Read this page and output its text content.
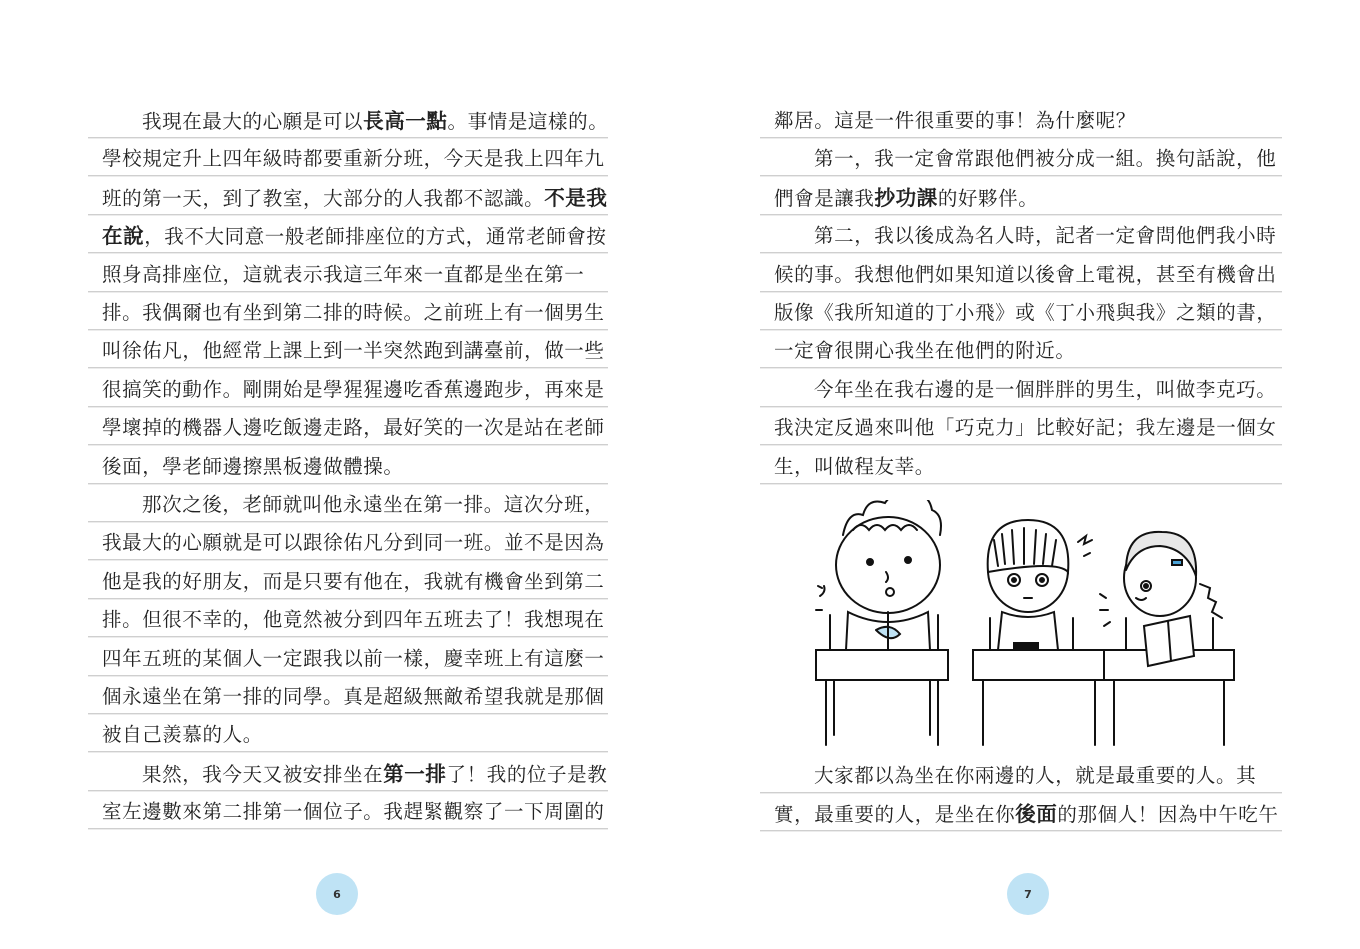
我現在最大的心願是可以長高一點。事情是這樣的。
學校規定升上四年級時都要重新分班，今天是我上四年九
班的第一天，到了教室，大部分的人我都不認識。不是我
在說，我不大同意一般老師排座位的方式，通常老師會按
照身高排座位，這就表示我這三年來一直都是坐在第一
排。我偶爾也有坐到第二排的時候。之前班上有一個男生
叫徐佑凡，他經常上課上到一半突然跑到講臺前，做一些
很搞笑的動作。剛開始是學猩猩邊吃香蕉邊跑步，再來是
學壞掉的機器人邊吃飯邊走路，最好笑的一次是站在老師
後面，學老師邊擦黑板邊做體操。
那次之後，老師就叫他永遠坐在第一排。這次分班，
我最大的心願就是可以跟徐佑凡分到同一班。並不是因為
他是我的好朋友，而是只要有他在，我就有機會坐到第二
排。但很不幸的，他竟然被分到四年五班去了！我想現在
四年五班的某個人一定跟我以前一樣，慶幸班上有這麼一
個永遠坐在第一排的同學。真是超級無敵希望我就是那個
被自己羨慕的人。
果然，我今天又被安排坐在第一排了！我的位子是教
室左邊數來第二排第一個位子。我趕緊觀察了一下周圍的
6	7
鄰居。這是一件很重要的事！為什麼呢？
第一，我一定會常跟他們被分成一組。換句話說，他
們會是讓我抄功課的好夥伴。
第二，我以後成為名人時，記者一定會問他們我小時
候的事。我想他們如果知道以後會上電視，甚至有機會出
版像《我所知道的丁小飛》或《丁小飛與我》之類的書，
一定會很開心我坐在他們的附近。
今年坐在我右邊的是一個胖胖的男生，叫做李克巧。
我決定反過來叫他「巧克力」比較好記；我左邊是一個女
生，叫做程友莘。
大家都以為坐在你兩邊的人，就是最重要的人。其
實，最重要的人，是坐在你後面的那個人！因為中午吃午
